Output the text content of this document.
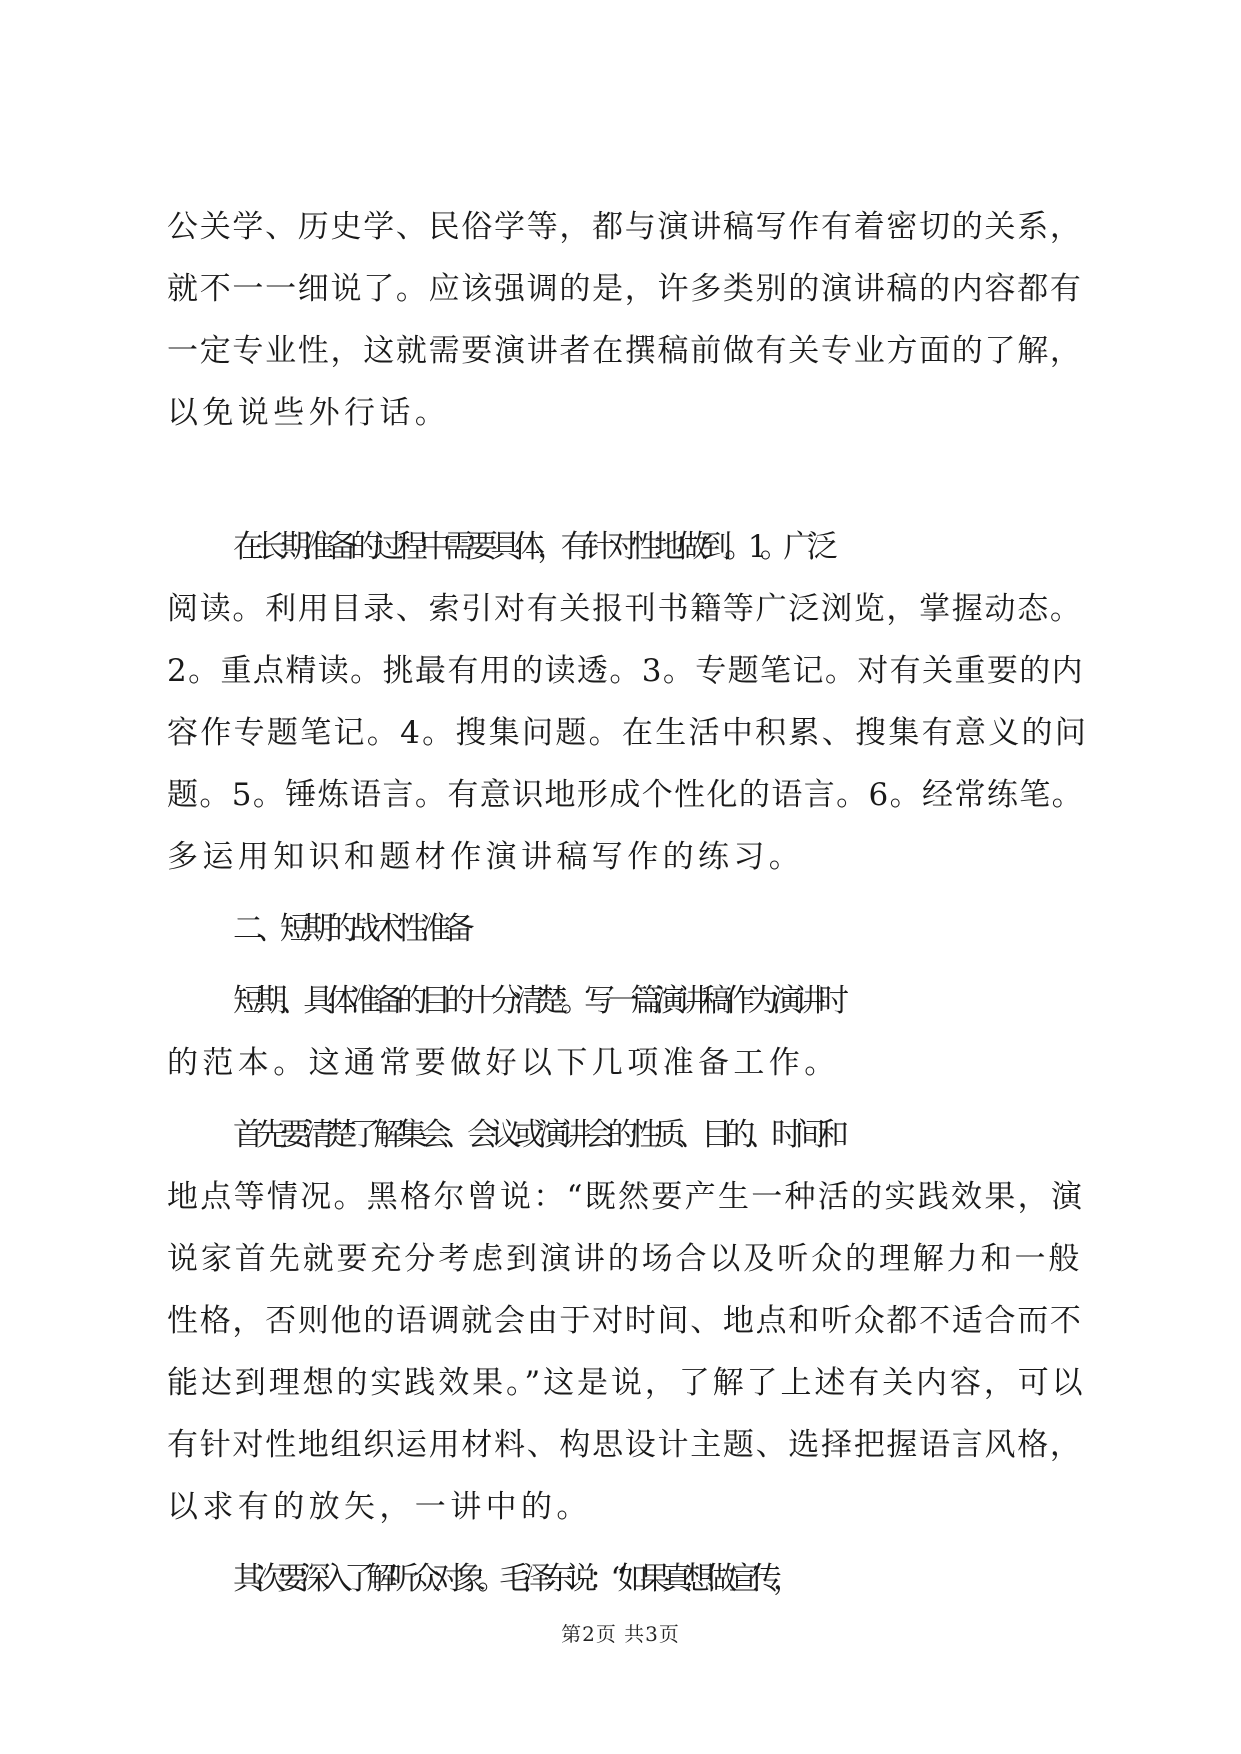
公关学、历史学、民俗学等，都与演讲稿写作有着密切的关系，
就不一一细说了。应该强调的是，许多类别的演讲稿的内容都有
一定专业性，这就需要演讲者在撰稿前做有关专业方面的了解，
以免说些外行话。
在长期准备的过程中需要具体，有针对性地做到。1。广泛
阅读。利用目录、索引对有关报刊书籍等广泛浏览，掌握动态。
2。重点精读。挑最有用的读透。3。专题笔记。对有关重要的内
容作专题笔记。4。搜集问题。在生活中积累、搜集有意义的问
题。5。锤炼语言。有意识地形成个性化的语言。6。经常练笔。
多运用知识和题材作演讲稿写作的练习。
二、短期的战术性准备
短期、具体准备的目的十分清楚。写一篇演讲稿作为演讲时
的范本。这通常要做好以下几项准备工作。
首先要清楚了解集会、会议或演讲会的性质、目的、时间和
地点等情况。黑格尔曾说：“既然要产生一种活的实践效果，演
说家首先就要充分考虑到演讲的场合以及听众的理解力和一般
性格，否则他的语调就会由于对时间、地点和听众都不适合而不
能达到理想的实践效果。”这是说，了解了上述有关内容，可以
有针对性地组织运用材料、构思设计主题、选择把握语言风格，
以求有的放矢，一讲中的。
其次要深入了解听众对象。毛泽东说：“如果真想做宣传，
第2页 共3页
